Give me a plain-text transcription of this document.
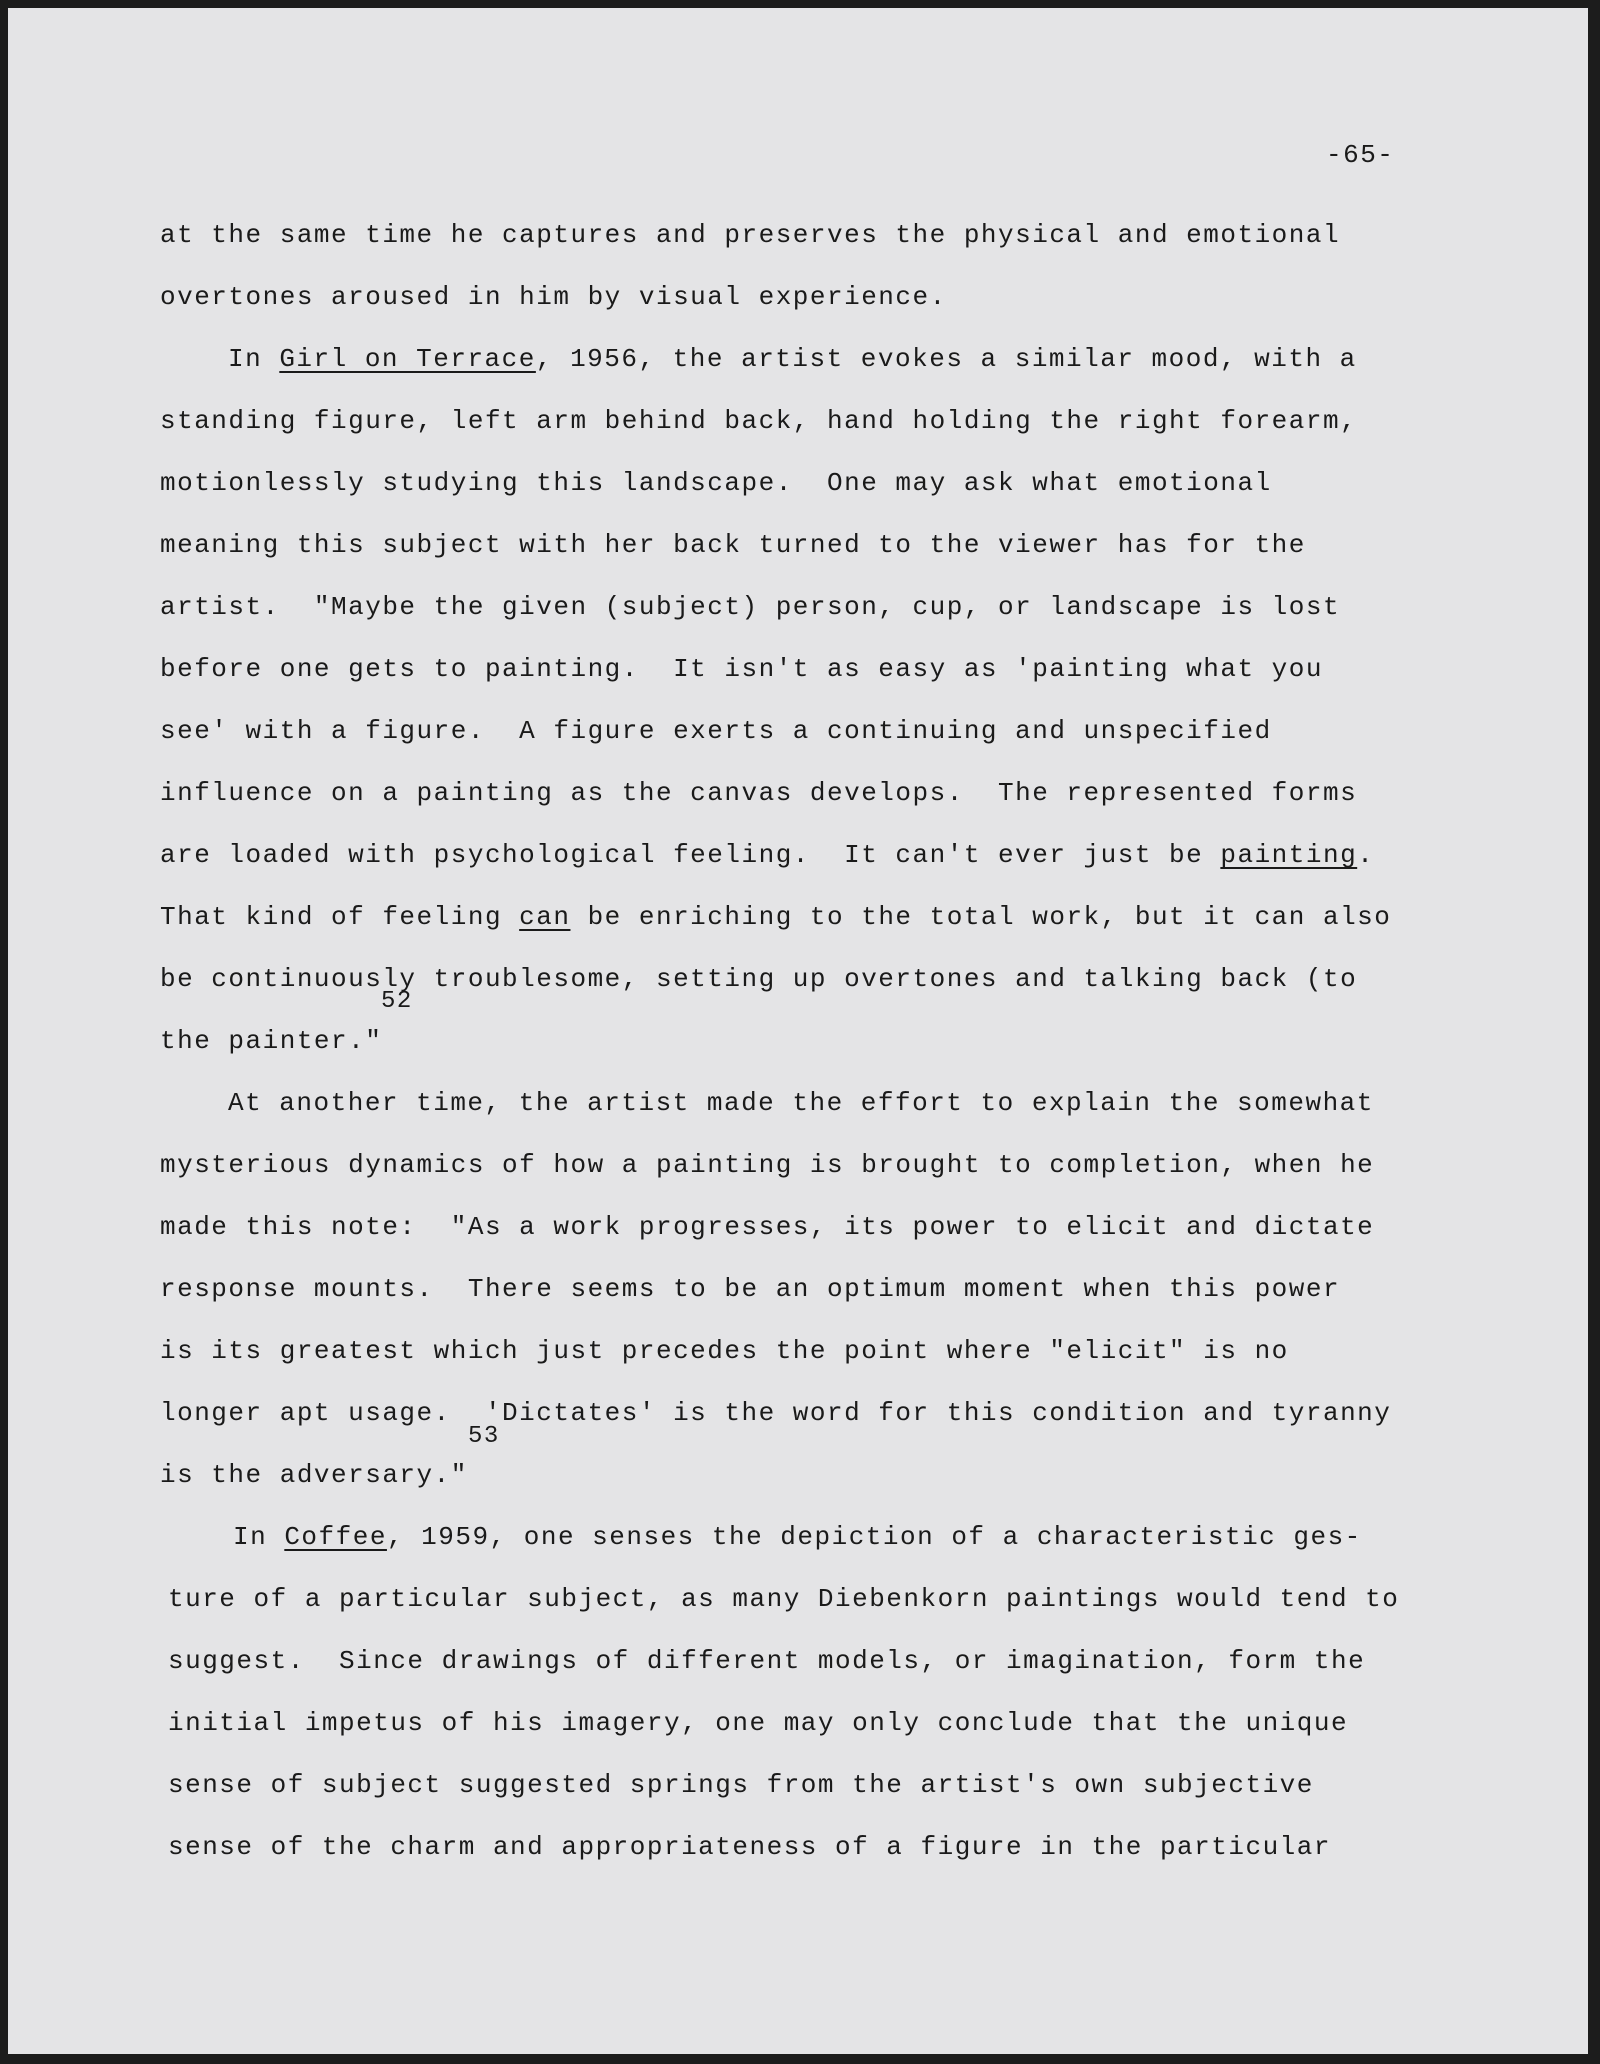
-65-
at the same time he captures and preserves the physical and emotional
overtones aroused in him by visual experience.
In Girl on Terrace, 1956, the artist evokes a similar mood, with a
standing figure, left arm behind back, hand holding the right forearm,
motionlessly studying this landscape.  One may ask what emotional
meaning this subject with her back turned to the viewer has for the
artist.  "Maybe the given (subject) person, cup, or landscape is lost
before one gets to painting.  It isn't as easy as 'painting what you
see' with a figure.  A figure exerts a continuing and unspecified
influence on a painting as the canvas develops.  The represented forms
are loaded with psychological feeling.  It can't ever just be painting.
That kind of feeling can be enriching to the total work, but it can also
be continuously troublesome, setting up overtones and talking back (to
the painter."
At another time, the artist made the effort to explain the somewhat
mysterious dynamics of how a painting is brought to completion, when he
made this note:  "As a work progresses, its power to elicit and dictate
response mounts.  There seems to be an optimum moment when this power
is its greatest which just precedes the point where "elicit" is no
longer apt usage.  'Dictates' is the word for this condition and tyranny
is the adversary."
In Coffee, 1959, one senses the depiction of a characteristic ges-
ture of a particular subject, as many Diebenkorn paintings would tend to
suggest.  Since drawings of different models, or imagination, form the
initial impetus of his imagery, one may only conclude that the unique
sense of subject suggested springs from the artist's own subjective
sense of the charm and appropriateness of a figure in the particular
52
53
